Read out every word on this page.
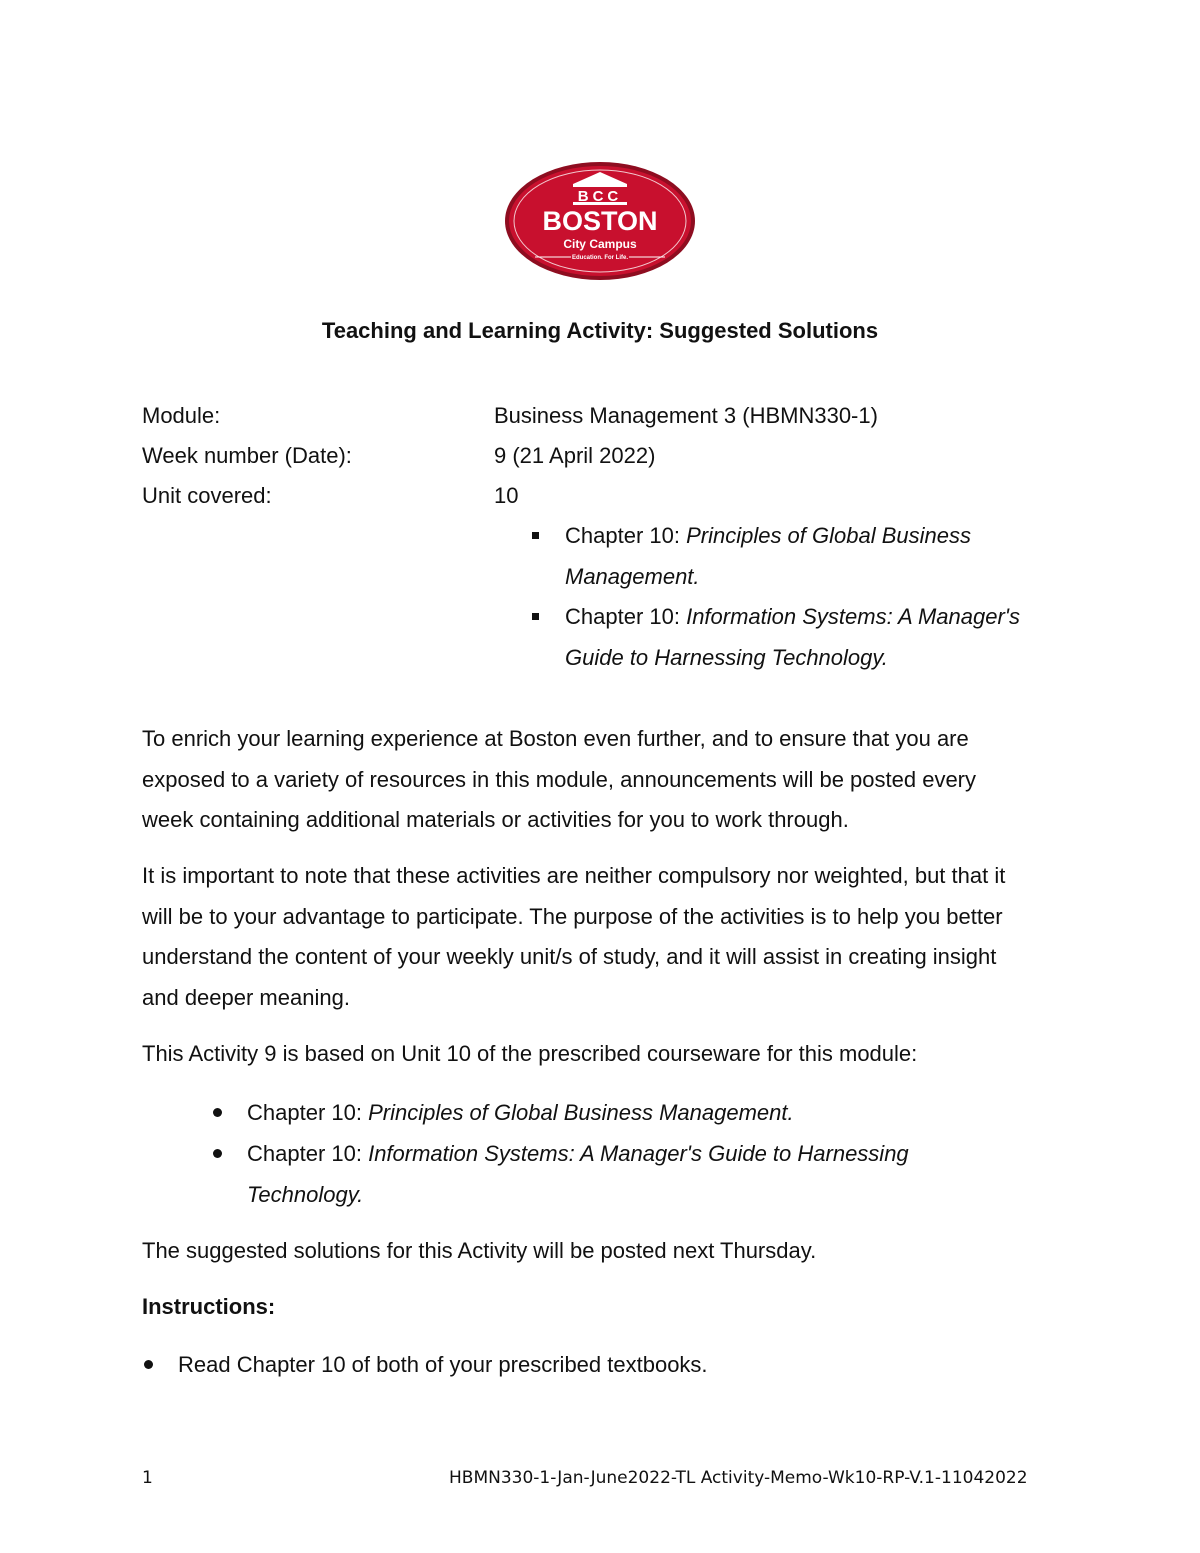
BCC
BOSTON
City Campus
Education. For Life.
Teaching and Learning Activity: Suggested Solutions
Module:	Business Management 3 (HBMN330-1)
Week number (Date):	9 (21 April 2022)
Unit covered:	10
Chapter 10: Principles of Global Business Management.
Chapter 10: Information Systems: A Manager's Guide to Harnessing Technology.
To enrich your learning experience at Boston even further, and to ensure that you are exposed to a variety of resources in this module, announcements will be posted every week containing additional materials or activities for you to work through.
It is important to note that these activities are neither compulsory nor weighted, but that it will be to your advantage to participate. The purpose of the activities is to help you better understand the content of your weekly unit/s of study, and it will assist in creating insight and deeper meaning.
This Activity 9 is based on Unit 10 of the prescribed courseware for this module:
Chapter 10: Principles of Global Business Management.
Chapter 10: Information Systems: A Manager's Guide to Harnessing Technology.
The suggested solutions for this Activity will be posted next Thursday.
Instructions:
Read Chapter 10 of both of your prescribed textbooks.
1	HBMN330-1-Jan-June2022-TL Activity-Memo-Wk10-RP-V.1-11042022
